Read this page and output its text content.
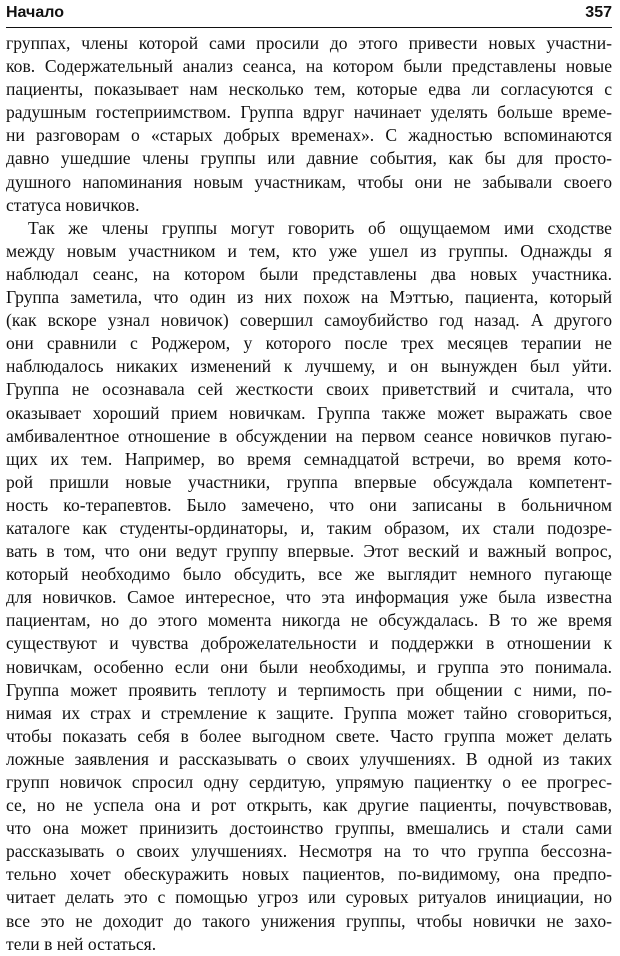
Начало	357
группах, члены которой сами просили до этого привести новых участни-
ков. Содержательный анализ сеанса, на котором были представлены новые
пациенты, показывает нам несколько тем, которые едва ли согласуются с
радушным гостеприимством. Группа вдруг начинает уделять больше време-
ни разговорам о «старых добрых временах». С жадностью вспоминаются
давно ушедшие члены группы или давние события, как бы для просто-
душного напоминания новым участникам, чтобы они не забывали своего
статуса новичков.
Так же члены группы могут говорить об ощущаемом ими сходстве
между новым участником и тем, кто уже ушел из группы. Однажды я
наблюдал сеанс, на котором были представлены два новых участника.
Группа заметила, что один из них похож на Мэттью, пациента, который
(как вскоре узнал новичок) совершил самоубийство год назад. А другого
они сравнили с Роджером, у которого после трех месяцев терапии не
наблюдалось никаких изменений к лучшему, и он вынужден был уйти.
Группа не осознавала сей жесткости своих приветствий и считала, что
оказывает хороший прием новичкам. Группа также может выражать свое
амбивалентное отношение в обсуждении на первом сеансе новичков пугаю-
щих их тем. Например, во время семнадцатой встречи, во время кото-
рой пришли новые участники, группа впервые обсуждала компетент-
ность ко-терапевтов. Было замечено, что они записаны в больничном
каталоге как студенты-ординаторы, и, таким образом, их стали подозре-
вать в том, что они ведут группу впервые. Этот веский и важный вопрос,
который необходимо было обсудить, все же выглядит немного пугающе
для новичков. Самое интересное, что эта информация уже была известна
пациентам, но до этого момента никогда не обсуждалась. В то же время
существуют и чувства доброжелательности и поддержки в отношении к
новичкам, особенно если они были необходимы, и группа это понимала.
Группа может проявить теплоту и терпимость при общении с ними, по-
нимая их страх и стремление к защите. Группа может тайно сговориться,
чтобы показать себя в более выгодном свете. Часто группа может делать
ложные заявления и рассказывать о своих улучшениях. В одной из таких
групп новичок спросил одну сердитую, упрямую пациентку о ее прогрес-
се, но не успела она и рот открыть, как другие пациенты, почувствовав,
что она может принизить достоинство группы, вмешались и стали сами
рассказывать о своих улучшениях. Несмотря на то что группа бессозна-
тельно хочет обескуражить новых пациентов, по-видимому, она предпо-
читает делать это с помощью угроз или суровых ритуалов инициации, но
все это не доходит до такого унижения группы, чтобы новички не захо-
тели в ней остаться.
